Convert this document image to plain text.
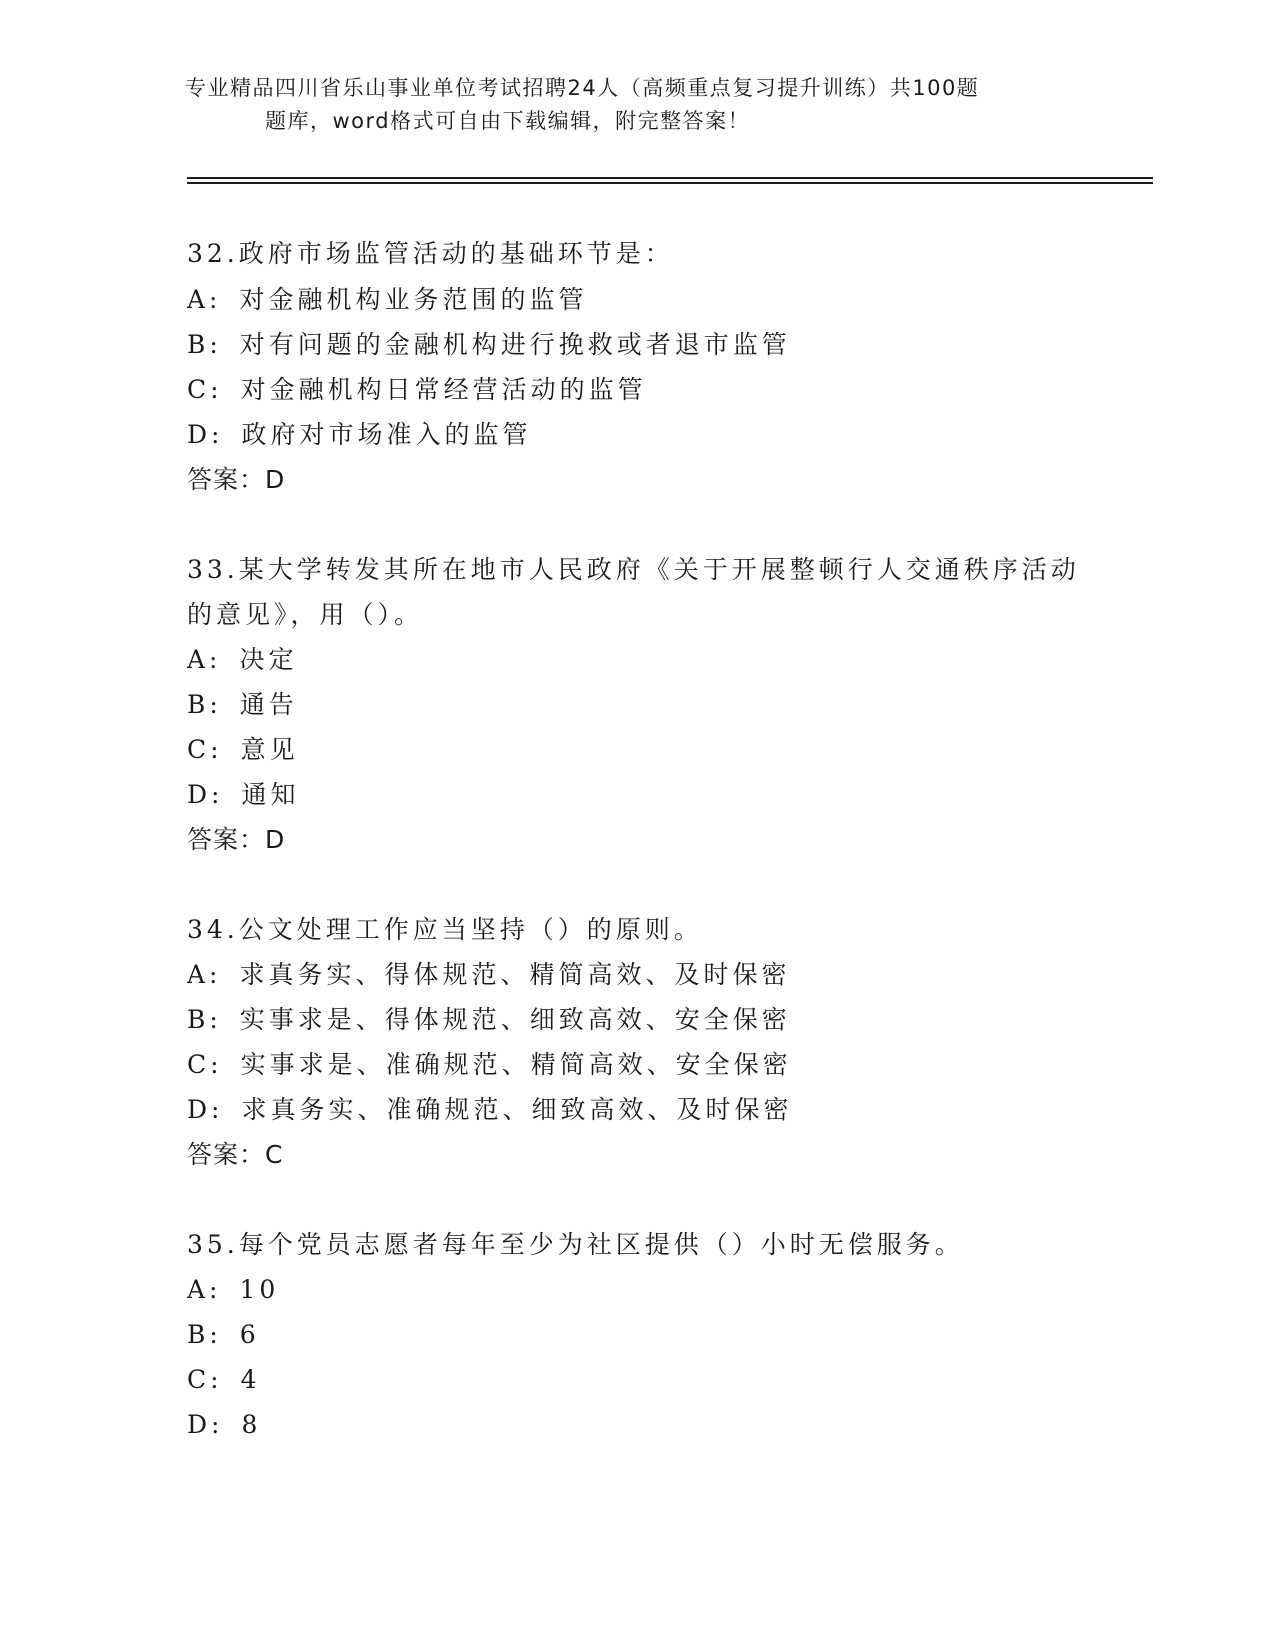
专业精品四川省乐山事业单位考试招聘24人（高频重点复习提升训练）共100题
题库，word格式可自由下载编辑，附完整答案！
32.政府市场监管活动的基础环节是：
A: 对金融机构业务范围的监管
B: 对有问题的金融机构进行挽救或者退市监管
C: 对金融机构日常经营活动的监管
D: 政府对市场准入的监管
答案：D
33.某大学转发其所在地市人民政府《关于开展整顿行人交通秩序活动
的意见》，用（）。
A: 决定
B: 通告
C: 意见
D: 通知
答案：D
34.公文处理工作应当坚持（）的原则。
A: 求真务实、得体规范、精简高效、及时保密
B: 实事求是、得体规范、细致高效、安全保密
C: 实事求是、准确规范、精简高效、安全保密
D: 求真务实、准确规范、细致高效、及时保密
答案：C
35.每个党员志愿者每年至少为社区提供（）小时无偿服务。
A: 10
B: 6
C: 4
D: 8
